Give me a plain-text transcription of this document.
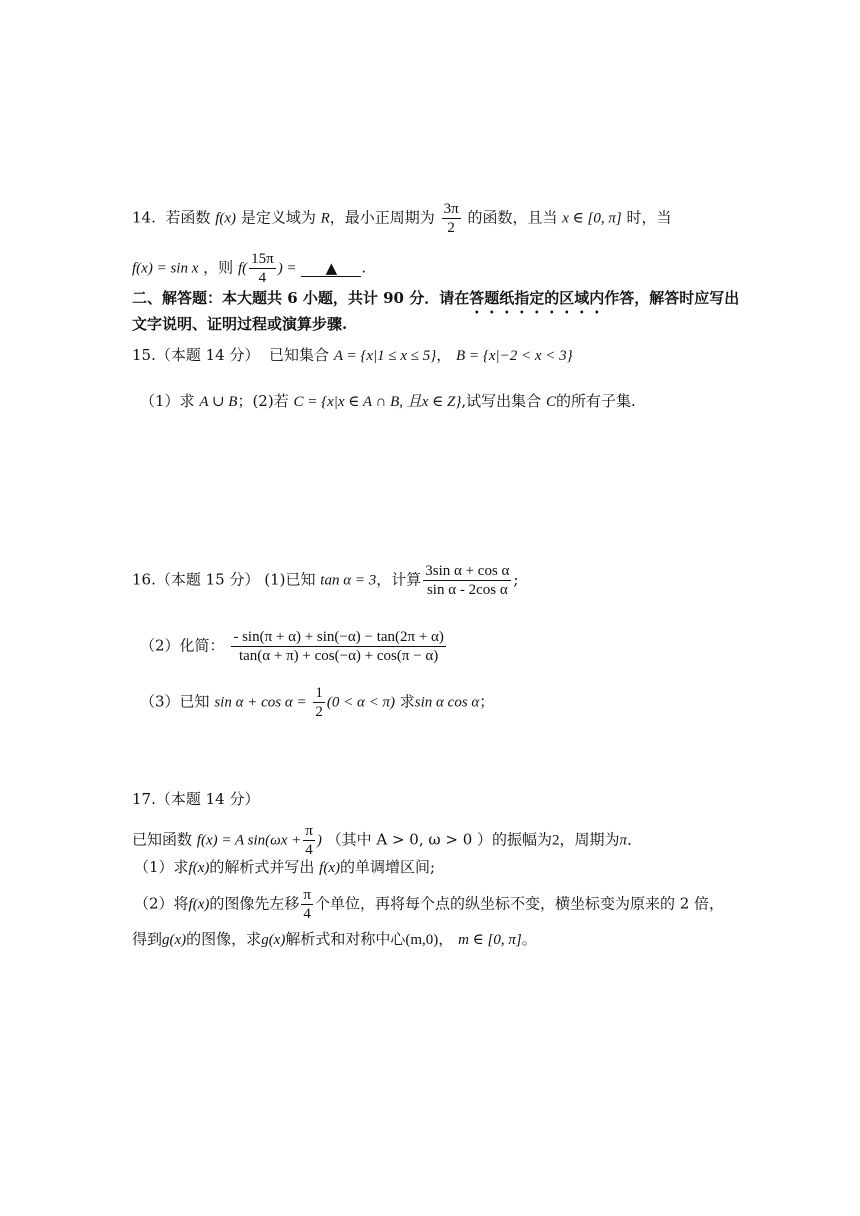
14. 若函数 f(x) 是定义域为 R，最小正周期为 $\frac{3\pi}{2}$ 的函数，且当 x ∈ [0, π] 时，当
f(x) = sin x ，则 $f( \frac{15\pi}{4}$ ) = ▲ .
二、解答题：本大题共 6 小题，共计 90 分．请在答题纸指定的区域内作答，解答时应写出
文字说明、证明过程或演算步骤.
15.（本题 14 分） 已知集合 A = {x|1 ≤ x ≤ 5}， B = {x|−2 < x < 3}
（1）求 A ∪ B；(2)若 C = {x|x ∈ A ∩ B, 且x ∈ Z},试写出集合 C的所有子集.
16.（本题 15 分） (1)已知 tan α = 3，计算 $\frac{\text{3sin α + cos α}}{\text{sin α - 2cos α}}$ ;
（2）化简： $\frac{- \sin(\pi + \alpha) + \sin(-\alpha) - \tan(2\pi + \alpha)}{\tan(\alpha + \pi) + \cos(-\alpha) + \cos(\pi - \alpha)}$
（3）已知 $\sin \alpha + \cos \alpha = \frac{1}{2} (0 < \alpha < \pi)$ 求sin α cos α；
17.（本题 14 分）
已知函数 f(x) = A $\sin(\omega x + \frac{\pi}{4}$ ) （其中 A > 0, ω > 0 ）的振幅为2，周期为π．
（1）求f(x)的解析式并写出 f(x)的单调增区间;
（2）将f(x)的图像先左移 $\frac{\pi}{4}$ 个单位，再将每个点的纵坐标不变，横坐标变为原来的 2 倍，
得到g(x)的图像，求g(x)解析式和对称中心(m,0)， m ∈ [0, π]。
